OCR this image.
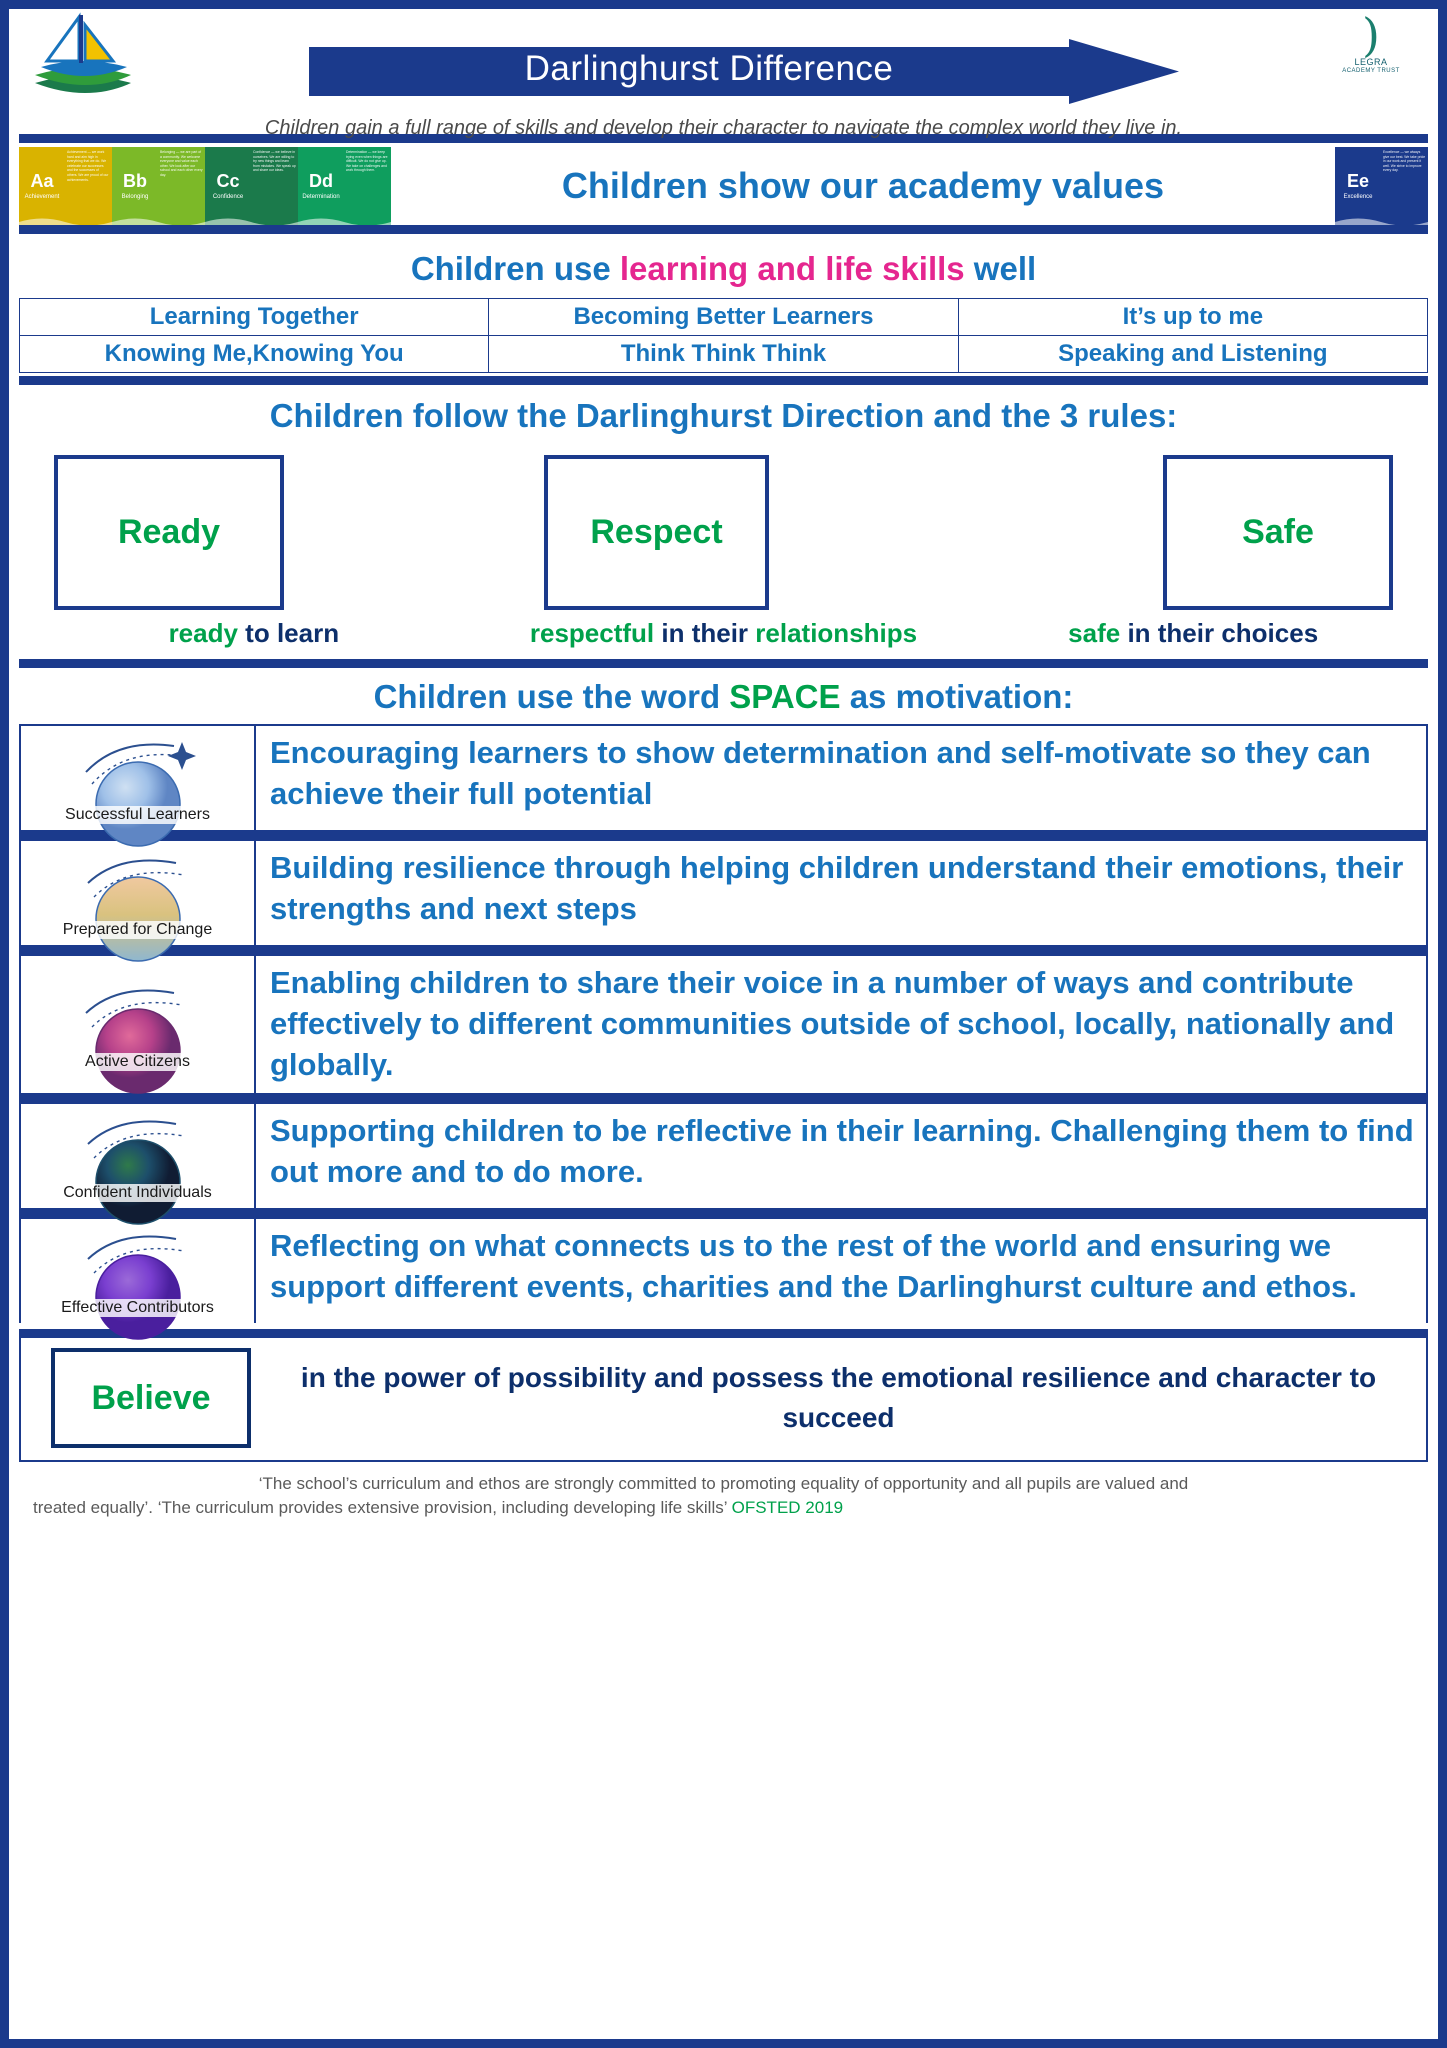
Darlinghurst Difference
)
LEGRA
ACADEMY TRUST
Children gain a full range of skills and develop their character to navigate the complex world they live in.
Aa
Achievement
Achievement — we work hard and aim high in everything that we do. We celebrate our successes and the successes of others. We are proud of our achievements.	Bb
Belonging
Belonging — we are part of a community. We welcome everyone and value each other. We look after our school and each other every day.	Cc
Confidence
Confidence — we believe in ourselves. We are willing to try new things and learn from mistakes. We speak up and share our ideas.
Dd
Determination
Determination — we keep trying even when things are difficult. We do not give up. We take on challenges and work through them.	Children show our academy values	Ee
Excellence
Excellence — we always give our best. We take pride in our work and present it well. We strive to improve every day.
Children use learning and life skills well
Learning Together	Becoming Better Learners	It’s up to me
Knowing Me,Knowing You	Think Think Think	Speaking and Listening
Children follow the Darlinghurst Direction and the 3 rules:
Ready	Respect	Safe
ready to learn	respectful in their relationships	safe in their choices
Children use the word SPACE as motivation:
Successful Learners
Encouraging learners to show determination and self-motivate so they can achieve their full potential
Prepared for Change
Building resilience through helping children understand their emotions, their strengths and next steps
Active Citizens
Enabling children to share their voice in a number of ways and contribute effectively to different communities outside of school, locally, nationally and globally.
Confident Individuals
Supporting children to be reflective in their learning. Challenging them to find out more and to do more.
Effective Contributors
Reflecting on what connects us to the rest of the world and ensuring we support different events, charities and the Darlinghurst culture and ethos.
Believe
in the power of possibility and possess the emotional resilience and character to succeed
‘The school’s curriculum and ethos are strongly committed to promoting equality of opportunity and all pupils are valued and
treated equally’. ‘The curriculum provides extensive provision, including developing life skills’ OFSTED 2019
